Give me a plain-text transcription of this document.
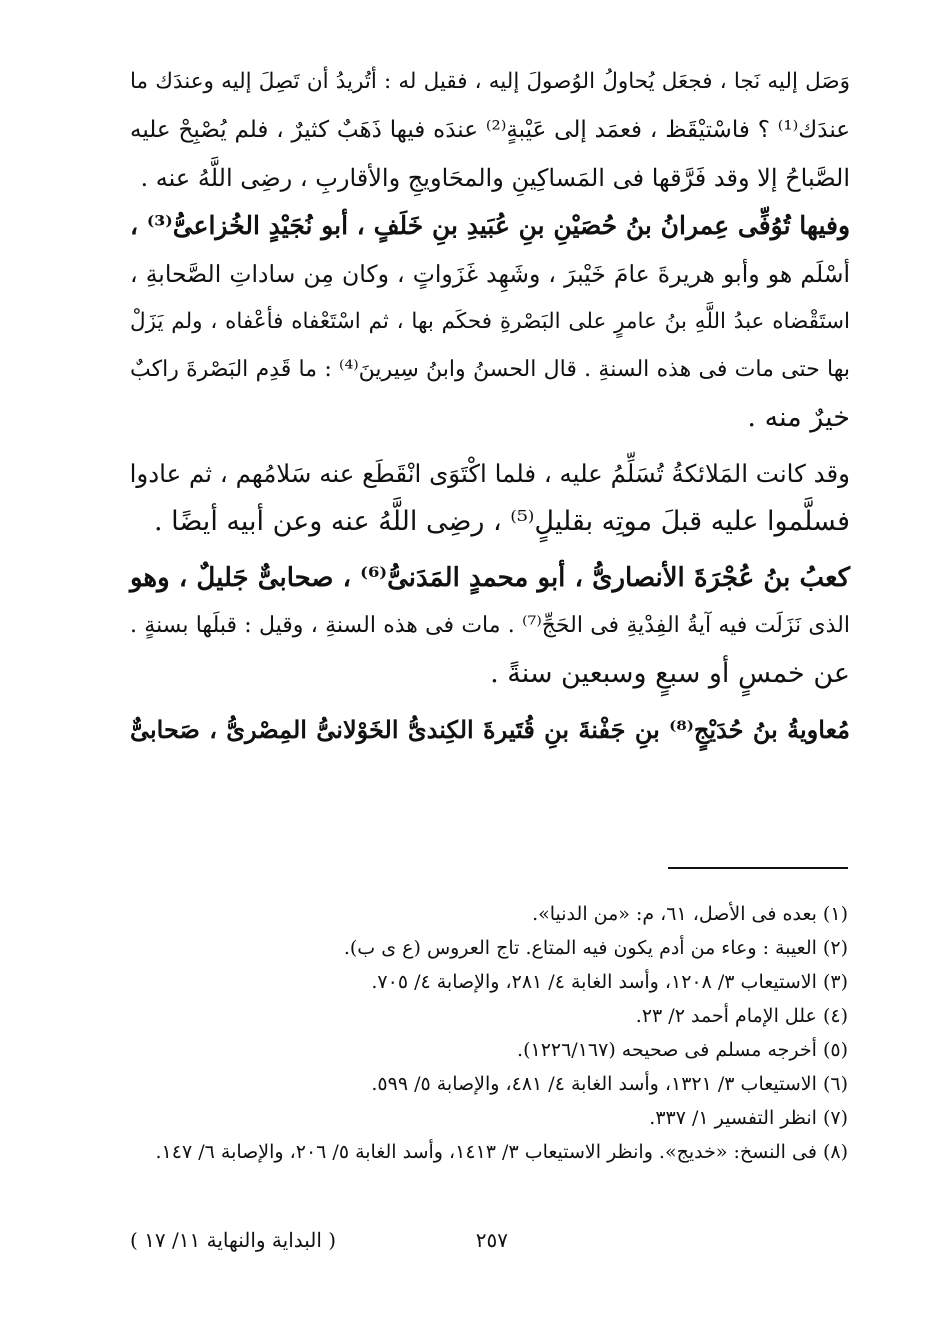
وَصَل إليه نَجا ، فجعَل يُحاولُ الوُصولَ إليه ، فقيل له : أتُريدُ أن تَصِلَ إليه وعندَك ما

عندَك⁽¹⁾ ؟ فاسْتيْقَظ ، فعمَد إلى عَيْبةٍ⁽²⁾ عندَه فيها ذَهَبٌ كثيرٌ ، فلم يُصْبِحْ عليه

الصَّباحُ إلا وقد فَرَّقها فى المَساكِينِ والمحَاويجِ والأقاربِ ، رضِى اللَّهُ عنه .

وفيها تُوُفِّى عِمرانُ بنُ حُصَيْنِ بنِ عُبَيدِ بنِ خَلَفٍ ، أبو نُجَيْدٍ الخُزاعىُّ⁽³⁾ ،

أسْلَم هو وأبو هريرةَ عامَ خَيْبرَ ، وشَهِد غَزَواتٍ ، وكان مِن ساداتِ الصَّحابةِ ،

استَقْضاه عبدُ اللَّهِ بنُ عامرٍ على البَصْرةِ فحكَم بها ، ثم اسْتَعْفاه فأعْفاه ، ولم يَزَلْ

بها حتى مات فى هذه السنةِ . قال الحسنُ وابنُ سِيرينَ⁽⁴⁾ : ما قَدِم البَصْرةَ راكبٌ

خيرٌ منه .

وقد كانت المَلائكةُ تُسَلِّمُ عليه ، فلما اكْتَوَى انْقَطَع عنه سَلامُهم ، ثم عادوا

فسلَّموا عليه قبلَ موتِه بقليلٍ⁽⁵⁾ ، رضِى اللَّهُ عنه وعن أبيه أيضًا .

كعبُ بنُ عُجْرَةَ الأنصارىُّ ، أبو محمدٍ المَدَنىُّ⁽⁶⁾ ، صحابىٌّ جَليلٌ ، وهو

الذى نَزَلَت فيه آيةُ الفِدْيةِ فى الحَجِّ⁽⁷⁾ . مات فى هذه السنةِ ، وقيل : قبلَها بسنةٍ .

عن خمسٍ أو سبعٍ وسبعين سنةً .

مُعاويةُ بنُ حُدَيْجٍ⁽⁸⁾ بنِ جَفْنةَ بنِ قُتَيرةَ الكِندىُّ الخَوْلانىُّ المِصْرىُّ ، صَحابىٌّ

(١) بعده فى الأصل، ٦١، م: «من الدنيا».

(٢) العيبة : وعاء من أدم يكون فيه المتاع. تاج العروس (ع ى ب).

(٣) الاستيعاب ٣/ ١٢٠٨، وأسد الغابة ٤/ ٢٨١، والإصابة ٤/ ٧٠٥.

(٤) علل الإمام أحمد ٢/ ٢٣.

(٥) أخرجه مسلم فى صحيحه (١٢٢٦/١٦٧).

(٦) الاستيعاب ٣/ ١٣٢١، وأسد الغابة ٤/ ٤٨١، والإصابة ٥/ ٥٩٩.

(٧) انظر التفسير ١/ ٣٣٧.

(٨) فى النسخ: «خديج». وانظر الاستيعاب ٣/ ١٤١٣، وأسد الغابة ٥/ ٢٠٦، والإصابة ٦/ ١٤٧.

٢٥٧
( البداية والنهاية ١١/ ١٧ )
